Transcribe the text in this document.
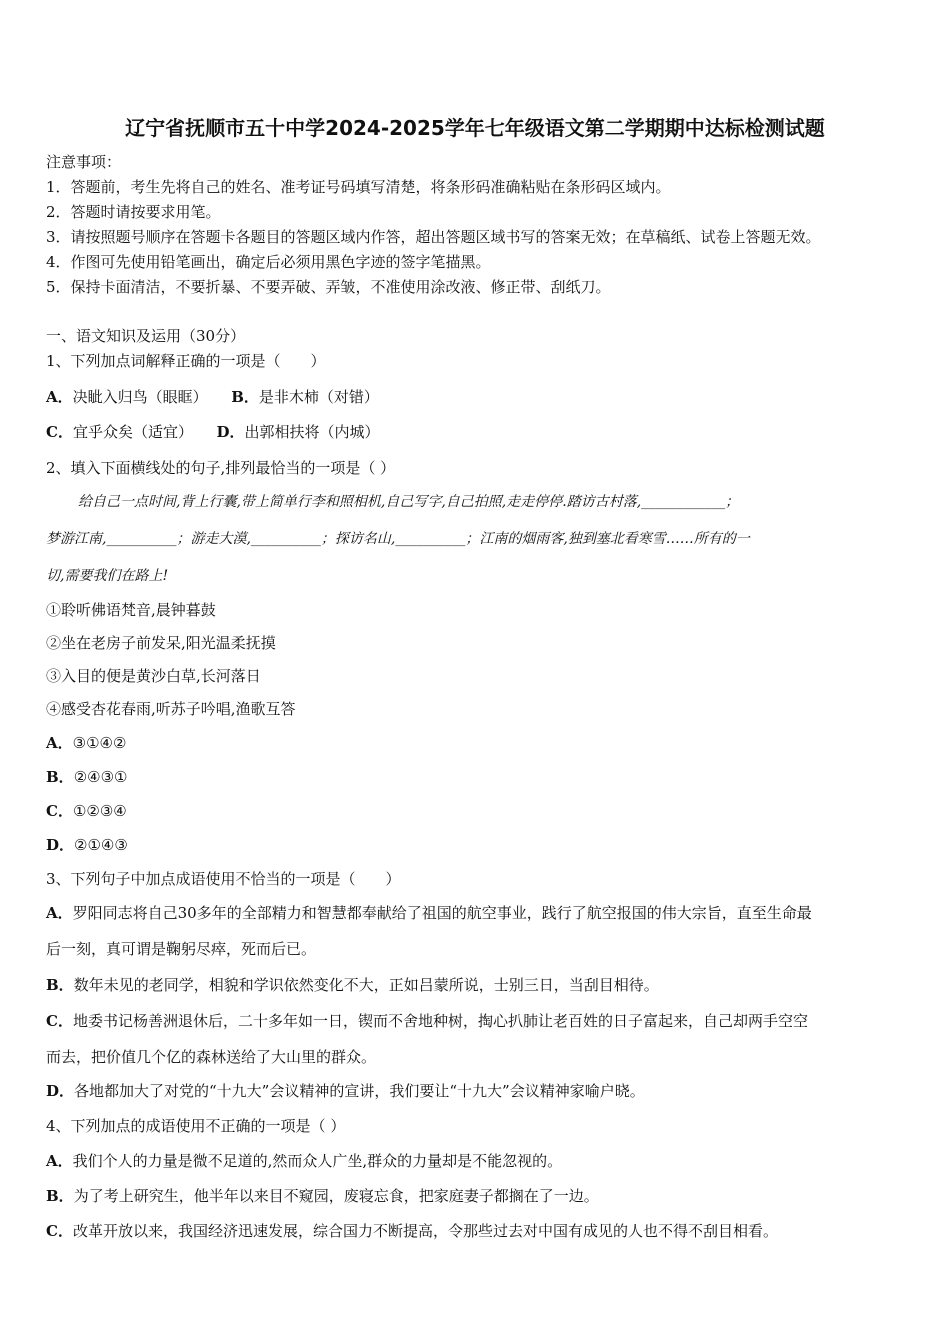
辽宁省抚顺市五十中学2024-2025学年七年级语文第二学期期中达标检测试题
注意事项：
1．答题前，考生先将自己的姓名、准考证号码填写清楚，将条形码准确粘贴在条形码区域内。
2．答题时请按要求用笔。
3．请按照题号顺序在答题卡各题目的答题区域内作答，超出答题区域书写的答案无效；在草稿纸、试卷上答题无效。
4．作图可先使用铅笔画出，确定后必须用黑色字迹的签字笔描黑。
5．保持卡面清洁，不要折暴、不要弄破、弄皱，不准使用涂改液、修正带、刮纸刀。
一、语文知识及运用（30分）
1、下列加点词解释正确的一项是（　　）
A．决眦入归鸟（眼眶） B．是非木柿（对错）
C．宜乎众矣（适宜） D．出郭相扶将（内城）
2、填入下面横线处的句子,排列最恰当的一项是（ ）
给自己一点时间,背上行囊,带上简单行李和照相机,自己写字,自己拍照,走走停停.踏访古村落,____________；
梦游江南,__________；游走大漠,__________；探访名山,__________；江南的烟雨客,独到塞北看寒雪……所有的一
切,需要我们在路上!
①聆听佛语梵音,晨钟暮鼓
②坐在老房子前发呆,阳光温柔抚摸
③入目的便是黄沙白草,长河落日
④感受杏花春雨,听苏子吟唱,渔歌互答
A．③①④②
B．②④③①
C．①②③④
D．②①④③
3、下列句子中加点成语使用不恰当的一项是（　　）
A．罗阳同志将自己30多年的全部精力和智慧都奉献给了祖国的航空事业，践行了航空报国的伟大宗旨，直至生命最
后一刻，真可谓是鞠躬尽瘁，死而后已。
B．数年未见的老同学，相貌和学识依然变化不大，正如吕蒙所说，士别三日，当刮目相待。
C．地委书记杨善洲退休后，二十多年如一日，锲而不舍地种树，掏心扒肺让老百姓的日子富起来，自己却两手空空
而去，把价值几个亿的森林送给了大山里的群众。
D．各地都加大了对党的“十九大”会议精神的宣讲，我们要让“十九大”会议精神家喻户晓。
4、下列加点的成语使用不正确的一项是（ ）
A．我们个人的力量是微不足道的,然而众人广坐,群众的力量却是不能忽视的。
B．为了考上研究生，他半年以来目不窥园，废寝忘食，把家庭妻子都搁在了一边。
C．改革开放以来，我国经济迅速发展，综合国力不断提高，令那些过去对中国有成见的人也不得不刮目相看。
